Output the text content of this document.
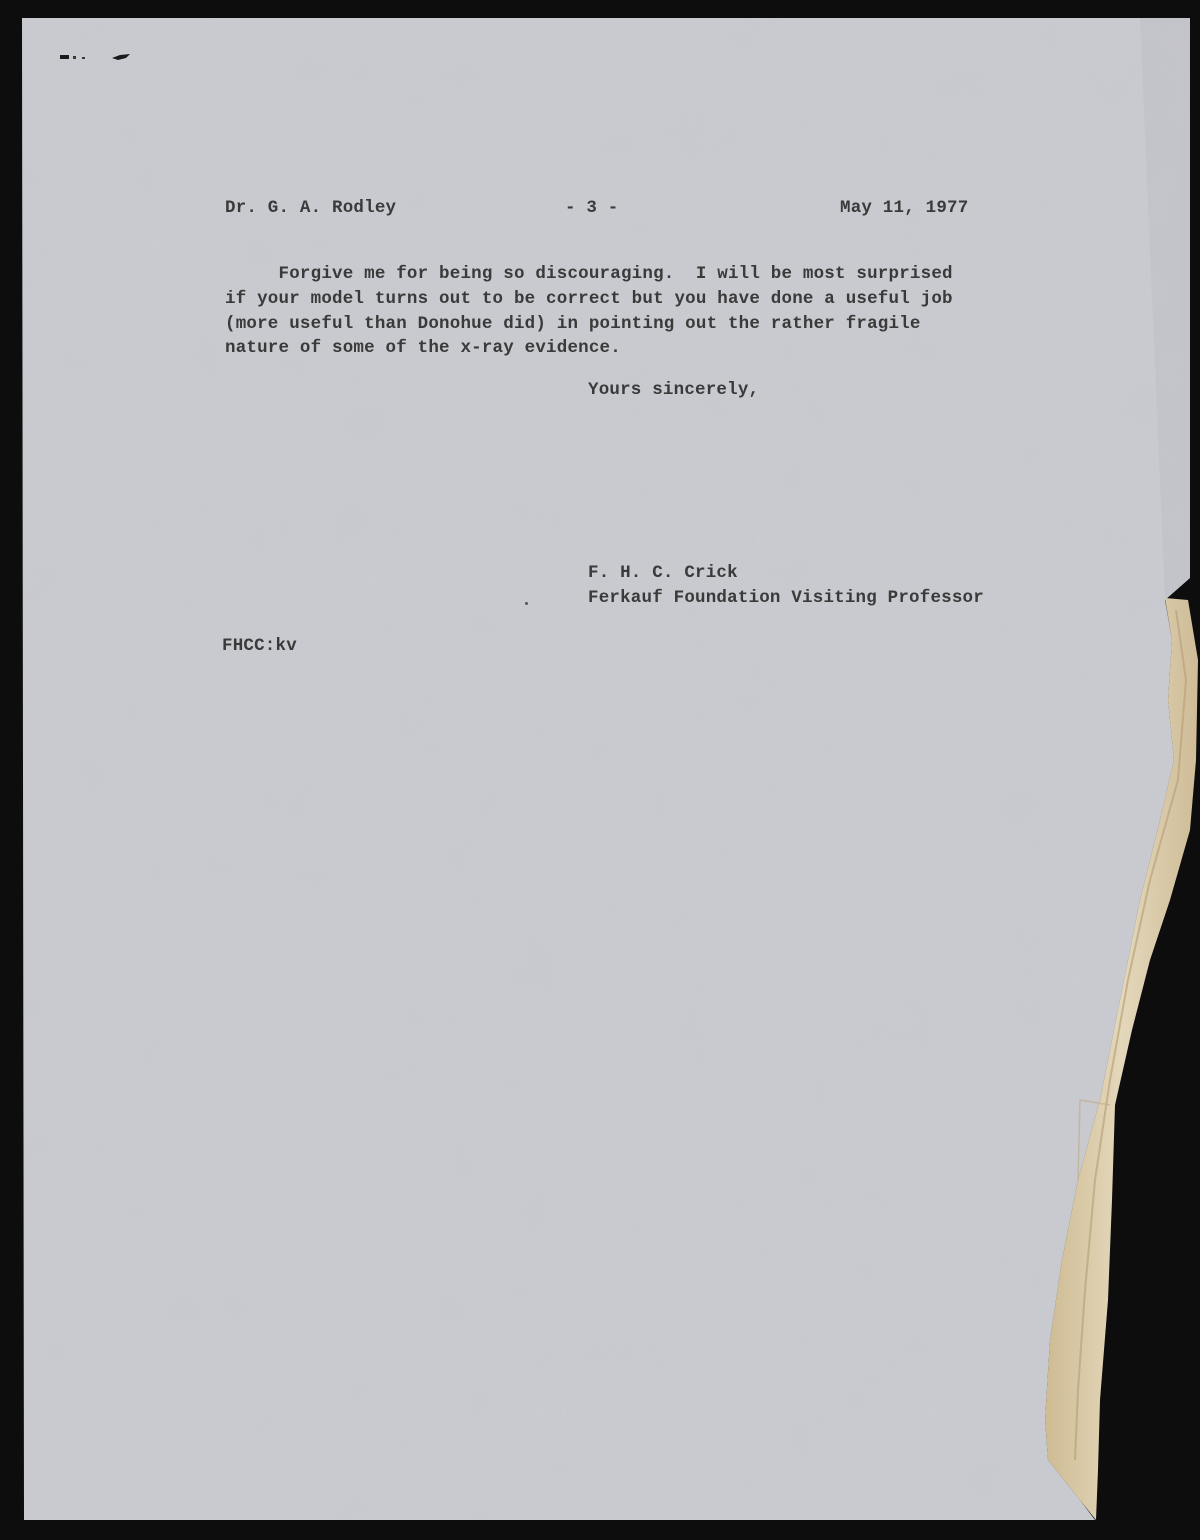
Dr. G. A. Rodley	- 3 -	May 11, 1977
Forgive me for being so discouraging.  I will be most surprised
if your model turns out to be correct but you have done a useful job
(more useful than Donohue did) in pointing out the rather fragile
nature of some of the x-ray evidence.
Yours sincerely,
F. H. C. Crick
Ferkauf Foundation Visiting Professor
FHCC:kv
